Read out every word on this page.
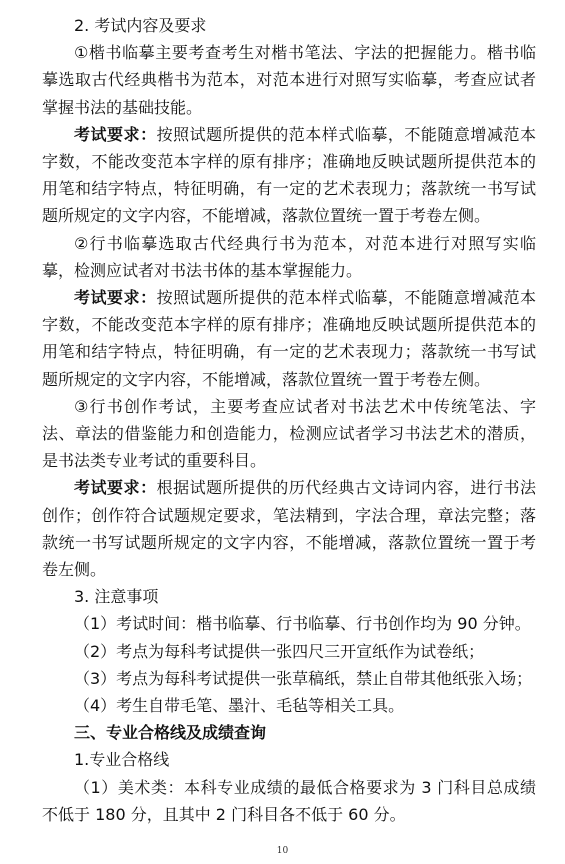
2. 考试内容及要求

①楷书临摹主要考查考生对楷书笔法、字法的把握能力。楷书临摹选取古代经典楷书为范本，对范本进行对照写实临摹，考查应试者掌握书法的基础技能。

考试要求：按照试题所提供的范本样式临摹，不能随意增减范本字数，不能改变范本字样的原有排序；准确地反映试题所提供范本的用笔和结字特点，特征明确，有一定的艺术表现力；落款统一书写试题所规定的文字内容，不能增减，落款位置统一置于考卷左侧。

②行书临摹选取古代经典行书为范本，对范本进行对照写实临摹，检测应试者对书法书体的基本掌握能力。

考试要求：按照试题所提供的范本样式临摹，不能随意增减范本字数，不能改变范本字样的原有排序；准确地反映试题所提供范本的用笔和结字特点，特征明确，有一定的艺术表现力；落款统一书写试题所规定的文字内容，不能增减，落款位置统一置于考卷左侧。

③行书创作考试，主要考查应试者对书法艺术中传统笔法、字法、章法的借鉴能力和创造能力，检测应试者学习书法艺术的潜质，是书法类专业考试的重要科目。

考试要求：根据试题所提供的历代经典古文诗词内容，进行书法创作；创作符合试题规定要求，笔法精到，字法合理，章法完整；落款统一书写试题所规定的文字内容，不能增减，落款位置统一置于考卷左侧。

3. 注意事项

（1）考试时间：楷书临摹、行书临摹、行书创作均为 90 分钟。

（2）考点为每科考试提供一张四尺三开宣纸作为试卷纸；

（3）考点为每科考试提供一张草稿纸，禁止自带其他纸张入场；

（4）考生自带毛笔、墨汁、毛毡等相关工具。

三、专业合格线及成绩查询

1.专业合格线

（1）美术类：本科专业成绩的最低合格要求为 3 门科目总成绩不低于 180 分，且其中 2 门科目各不低于 60 分。

10
